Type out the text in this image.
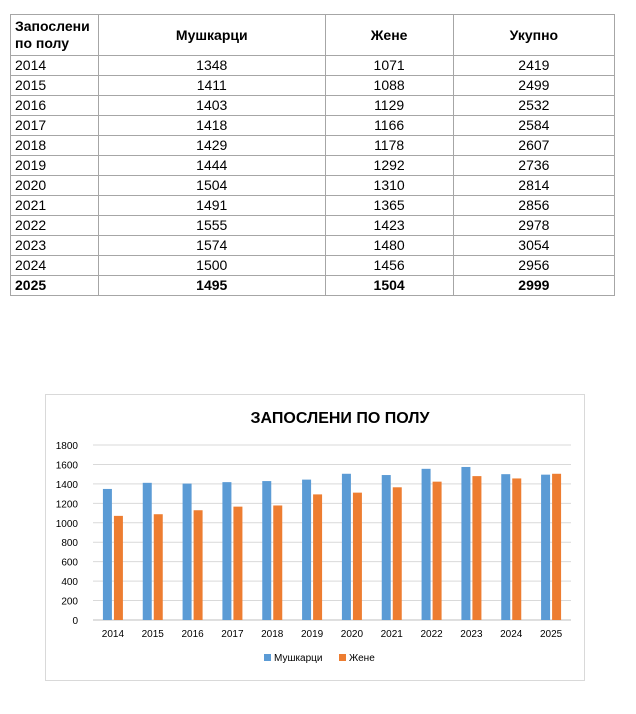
Запослени по полу	Мушкарци	Жене	Укупно
2014	1348	1071	2419
2015	1411	1088	2499
2016	1403	1129	2532
2017	1418	1166	2584
2018	1429	1178	2607
2019	1444	1292	2736
2020	1504	1310	2814
2021	1491	1365	2856
2022	1555	1423	2978
2023	1574	1480	3054
2024	1500	1456	2956
2025	1495	1504	2999
ЗАПОСЛЕНИ ПО ПОЛУ
0
200
400
600
800
1000
1200
1400
1600
1800
2014 2015 2016 2017 2018 2019 2020 2021 2022 2023 2024 2025
Мушкарци	Жене
